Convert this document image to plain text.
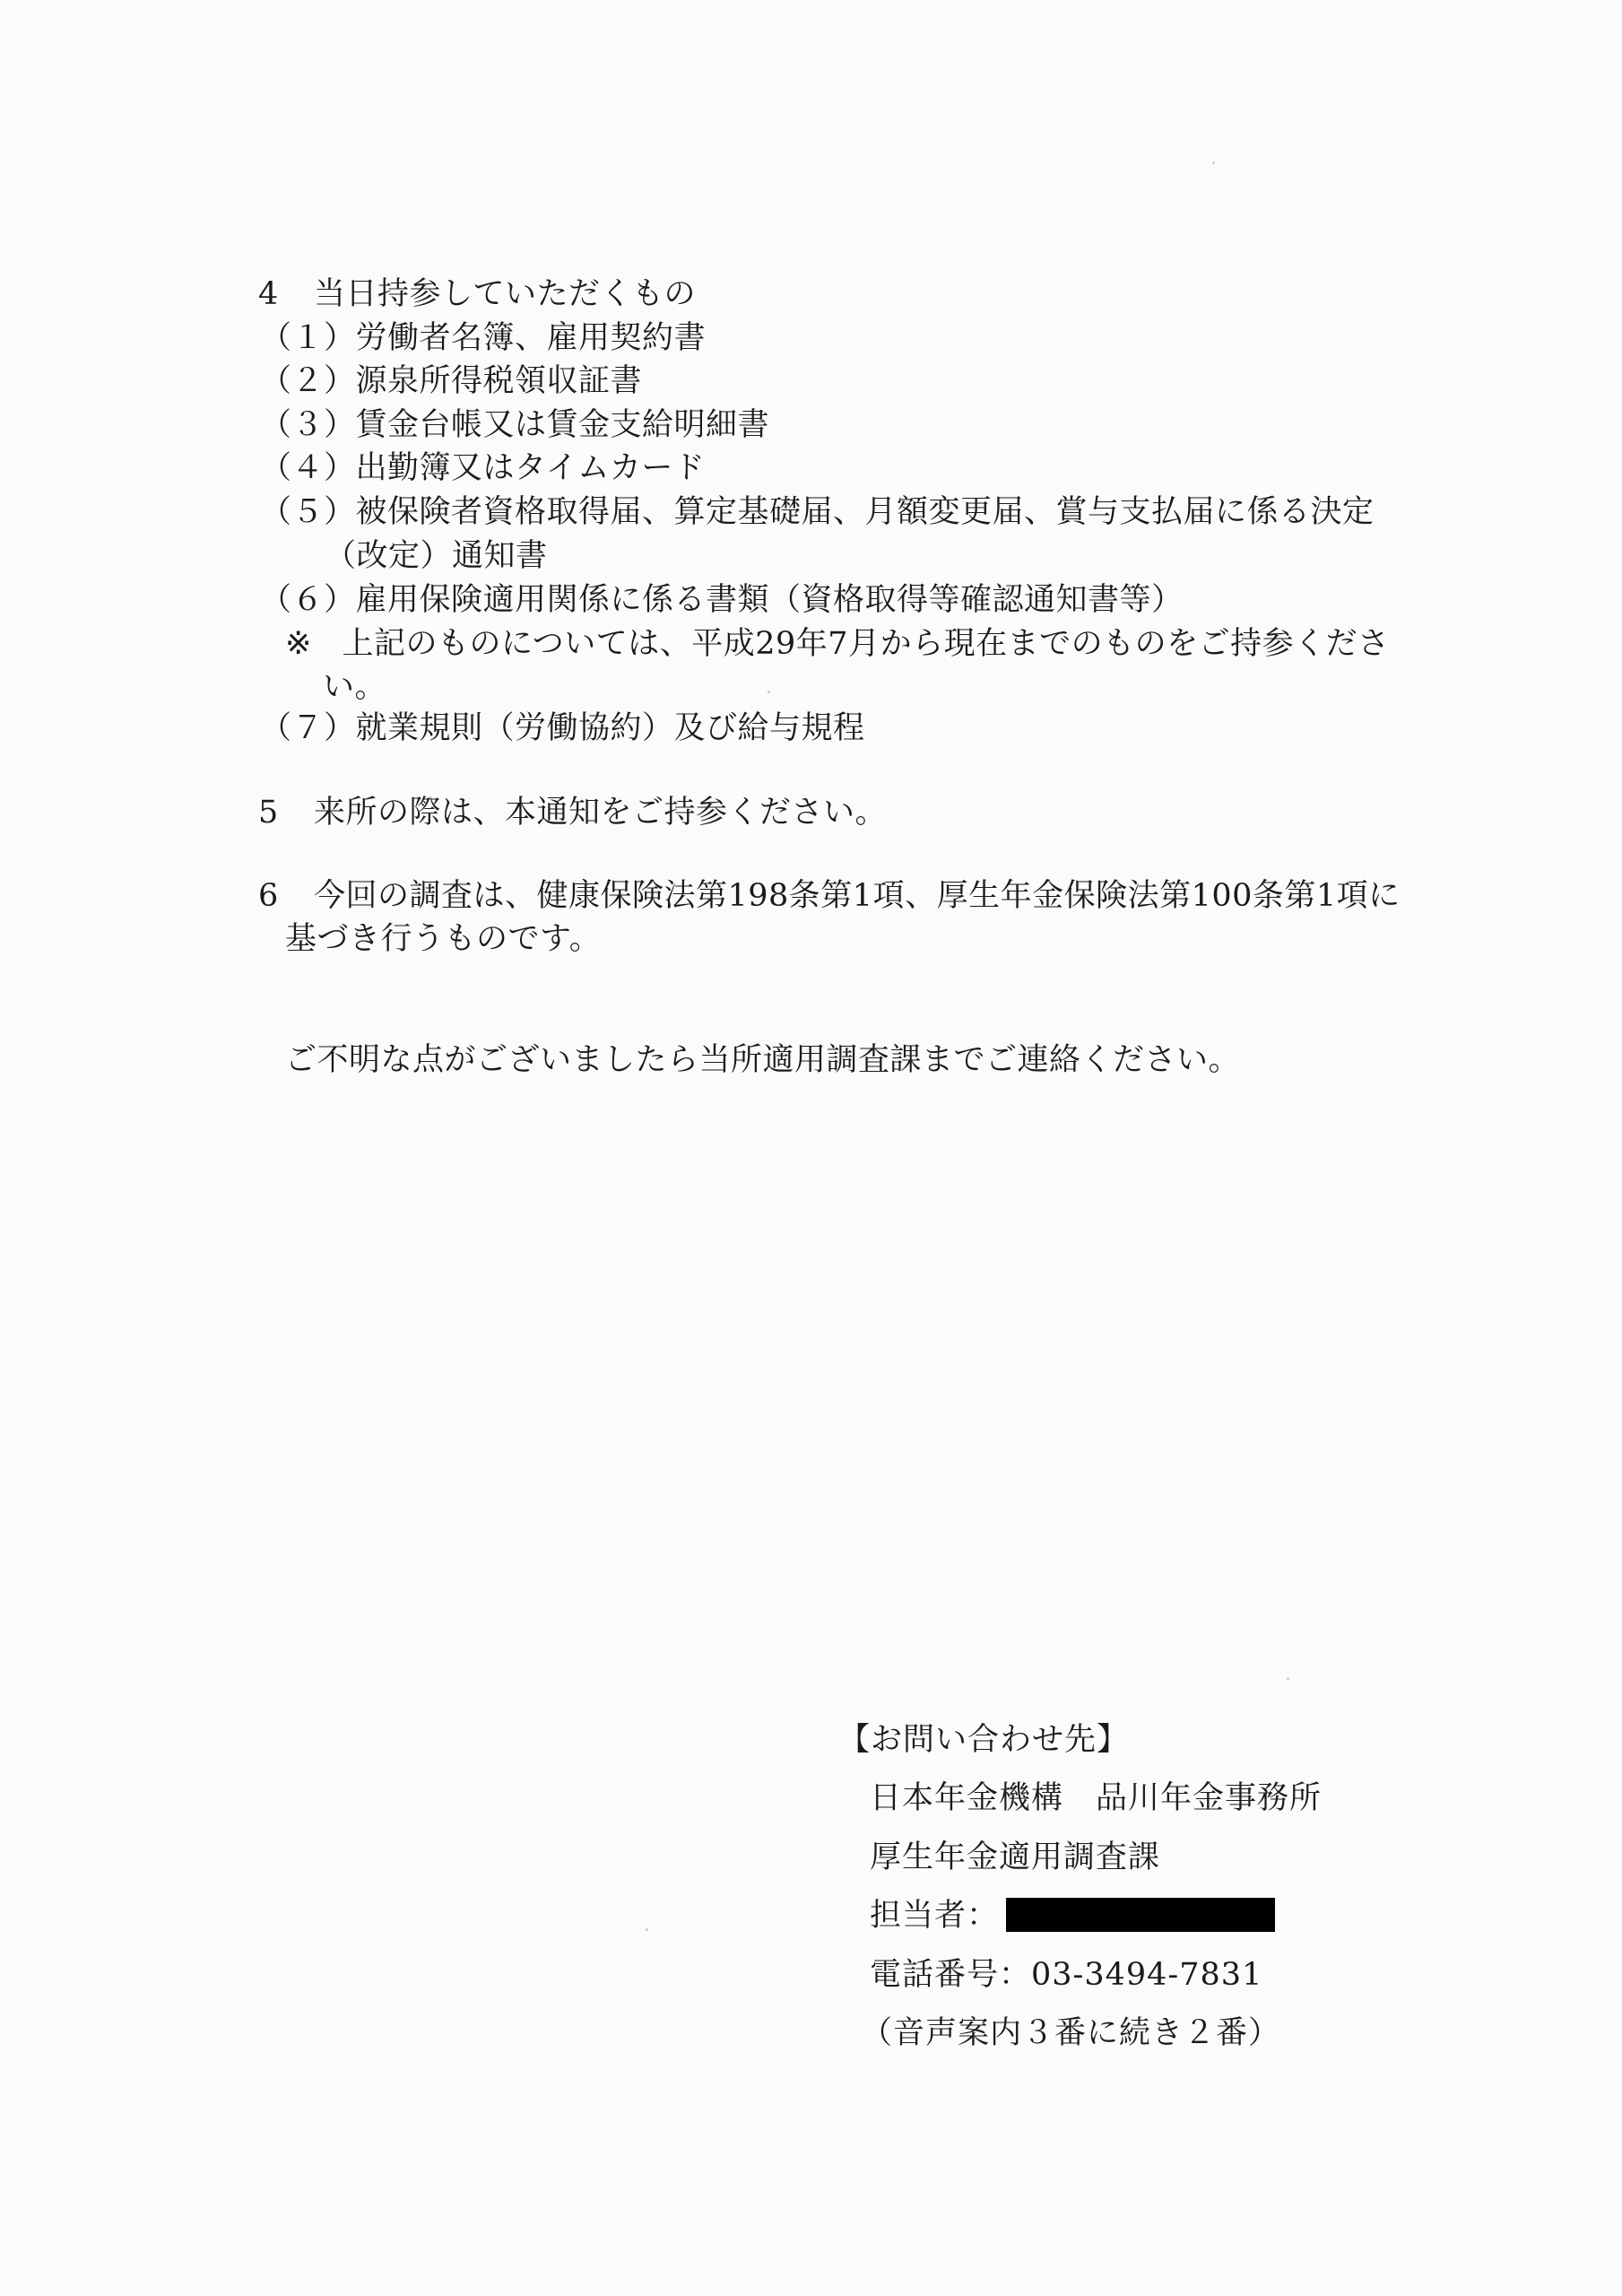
4 当日持参していただくもの
（１）労働者名簿、雇用契約書
（２）源泉所得税領収証書
（３）賃金台帳又は賃金支給明細書
（４）出勤簿又はタイムカード
（５）被保険者資格取得届、算定基礎届、月額変更届、賞与支払届に係る決定
（改定）通知書
（６）雇用保険適用関係に係る書類（資格取得等確認通知書等）
※ 上記のものについては、平成29年7月から現在までのものをご持参くださ
い。
（７）就業規則（労働協約）及び給与規程
5 来所の際は、本通知をご持参ください。
6 今回の調査は、健康保険法第198条第1項、厚生年金保険法第100条第1項に
基づき行うものです。
ご不明な点がございましたら当所適用調査課までご連絡ください。
【お問い合わせ先】
日本年金機構　品川年金事務所
厚生年金適用調査課
担当者：
電話番号：03-3494-7831
（音声案内３番に続き２番）
